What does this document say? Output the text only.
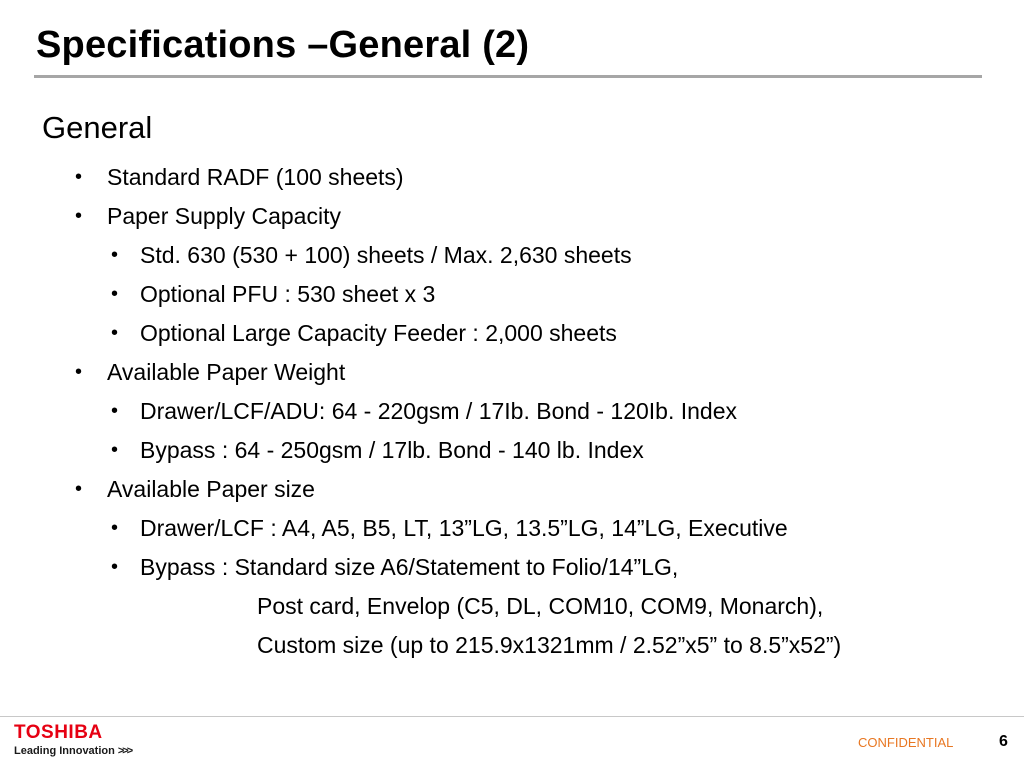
Specifications –General (2)
General
• Standard RADF (100 sheets)
• Paper Supply Capacity
• Std. 630 (530 + 100) sheets / Max. 2,630 sheets
• Optional PFU : 530 sheet x 3
• Optional Large Capacity Feeder : 2,000 sheets
• Available Paper Weight
• Drawer/LCF/ADU: 64 - 220gsm / 17Ib. Bond - 120Ib. Index
• Bypass : 64 - 250gsm / 17lb. Bond - 140 lb. Index
• Available Paper size
• Drawer/LCF : A4, A5, B5, LT, 13”LG, 13.5”LG, 14”LG, Executive
• Bypass : Standard size A6/Statement to Folio/14”LG,
Post card, Envelop (C5, DL, COM10, COM9, Monarch),
Custom size (up to 215.9x1321mm / 2.52”x5” to 8.5”x52”)
TOSHIBA
Leading Innovation >>>
CONFIDENTIAL	6
